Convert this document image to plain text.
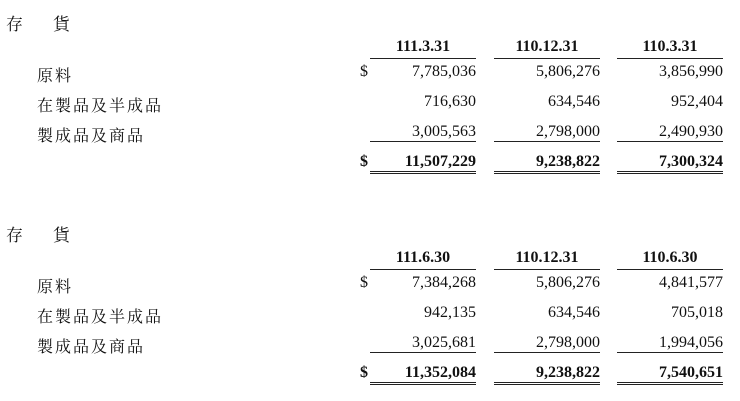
存 貨
111.3.31	110.12.31	110.3.31
原料	$	7,785,036	5,806,276	3,856,990
在製品及半成品	716,630	634,546	952,404
製成品及商品	3,005,563	2,798,000	2,490,930
$	11,507,229	9,238,822	7,300,324
存 貨
111.6.30	110.12.31	110.6.30
原料	$	7,384,268	5,806,276	4,841,577
在製品及半成品	942,135	634,546	705,018
製成品及商品	3,025,681	2,798,000	1,994,056
$	11,352,084	9,238,822	7,540,651
